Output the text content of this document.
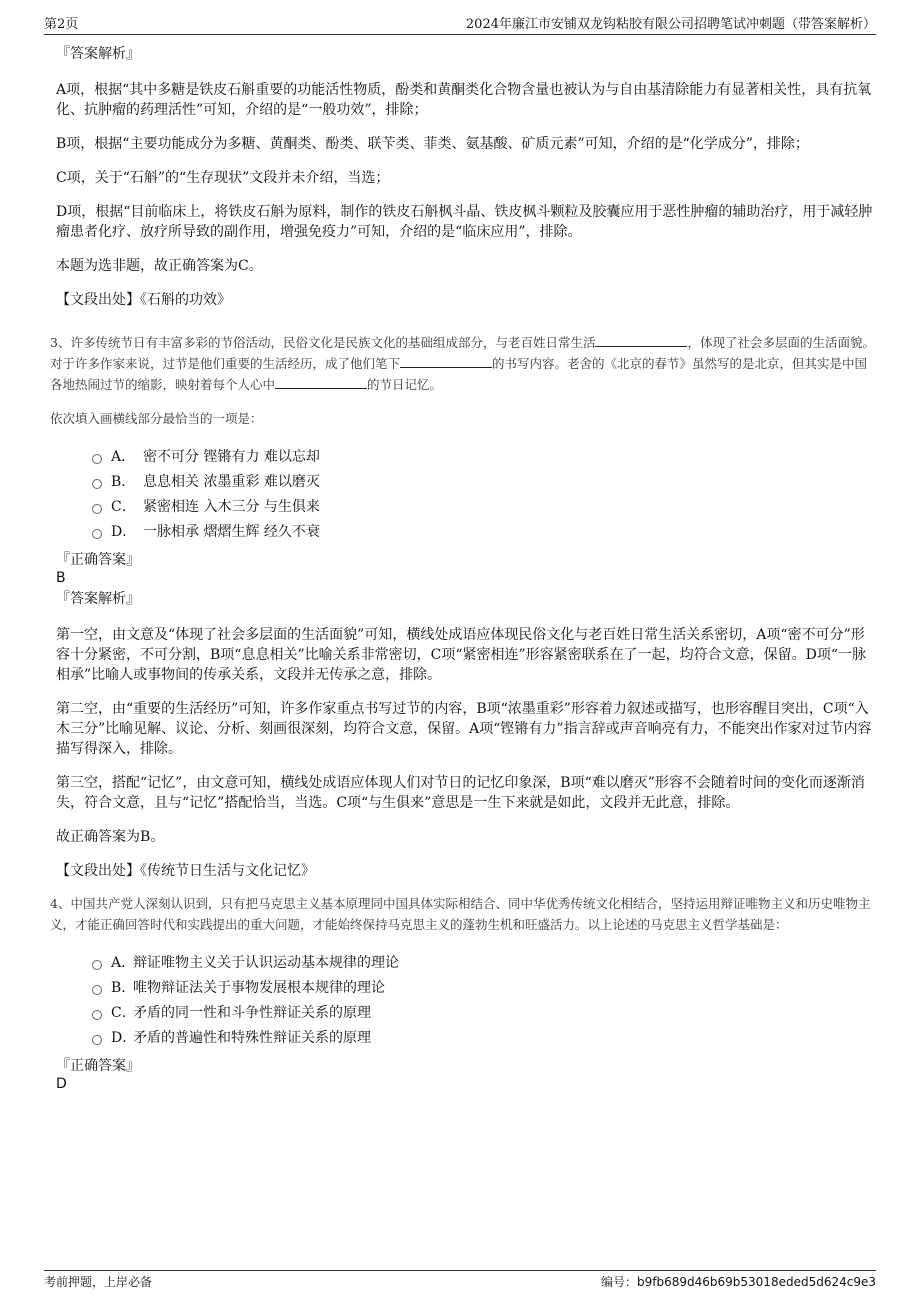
第2页	2024年廉江市安铺双龙钩粘胶有限公司招聘笔试冲刺题（带答案解析）

『答案解析』

A项，根据“其中多糖是铁皮石斛重要的功能活性物质，酚类和黄酮类化合物含量也被认为与自由基清除能力有显著相关性，具有抗氧化、抗肿瘤的药理活性”可知，介绍的是“一般功效”，排除；

B项，根据“主要功能成分为多糖、黄酮类、酚类、联苄类、菲类、氨基酸、矿质元素”可知，介绍的是“化学成分”，排除；

C项，关于“石斛”的“生存现状”文段并未介绍，当选；

D项，根据“目前临床上，将铁皮石斛为原料，制作的铁皮石斛枫斗晶、铁皮枫斗颗粒及胶囊应用于恶性肿瘤的辅助治疗，用于减轻肿瘤患者化疗、放疗所导致的副作用，增强免疫力”可知，介绍的是“临床应用”，排除。

本题为选非题，故正确答案为C。

【文段出处】《石斛的功效》

3、许多传统节日有丰富多彩的节俗活动，民俗文化是民族文化的基础组成部分，与老百姓日常生活	，体现了社会多层面的生活面貌。对于许多作家来说，过节是他们重要的生活经历，成了他们笔下	的书写内容。老舍的《北京的春节》虽然写的是北京，但其实是中国各地热闹过节的缩影，映射着每个人心中	的节日记忆。

依次填入画横线部分最恰当的一项是：

A． 密不可分 铿锵有力 难以忘却
B． 息息相关 浓墨重彩 难以磨灭
C． 紧密相连 入木三分 与生俱来
D． 一脉相承 熠熠生辉 经久不衰

『正确答案』

B

『答案解析』

第一空，由文意及“体现了社会多层面的生活面貌”可知，横线处成语应体现民俗文化与老百姓日常生活关系密切，A项“密不可分”形容十分紧密，不可分割，B项“息息相关”比喻关系非常密切，C项“紧密相连”形容紧密联系在了一起，均符合文意，保留。D项“一脉相承”比喻人或事物间的传承关系，文段并无传承之意，排除。

第二空，由“重要的生活经历”可知，许多作家重点书写过节的内容，B项“浓墨重彩”形容着力叙述或描写，也形容醒目突出，C项“入木三分”比喻见解、议论、分析、刻画很深刻，均符合文意，保留。A项“铿锵有力”指言辞或声音响亮有力，不能突出作家对过节内容描写得深入，排除。

第三空，搭配“记忆”，由文意可知，横线处成语应体现人们对节日的记忆印象深，B项“难以磨灭”形容不会随着时间的变化而逐渐消失，符合文意，且与“记忆”搭配恰当，当选。C项“与生俱来”意思是一生下来就是如此，文段并无此意，排除。

故正确答案为B。

【文段出处】《传统节日生活与文化记忆》

4、中国共产党人深刻认识到，只有把马克思主义基本原理同中国具体实际相结合、同中华优秀传统文化相结合，坚持运用辩证唯物主义和历史唯物主义，才能正确回答时代和实践提出的重大问题，才能始终保持马克思主义的蓬勃生机和旺盛活力。以上论述的马克思主义哲学基础是：

A．
辩证唯物主义关于认识运动基本规律的理论
B．
唯物辩证法关于事物发展根本规律的理论
C．
矛盾的同一性和斗争性辩证关系的原理
D．
矛盾的普遍性和特殊性辩证关系的原理

『正确答案』

D

考前押题，上岸必备	编号：b9fb689d46b69b53018eded5d624c9e3
